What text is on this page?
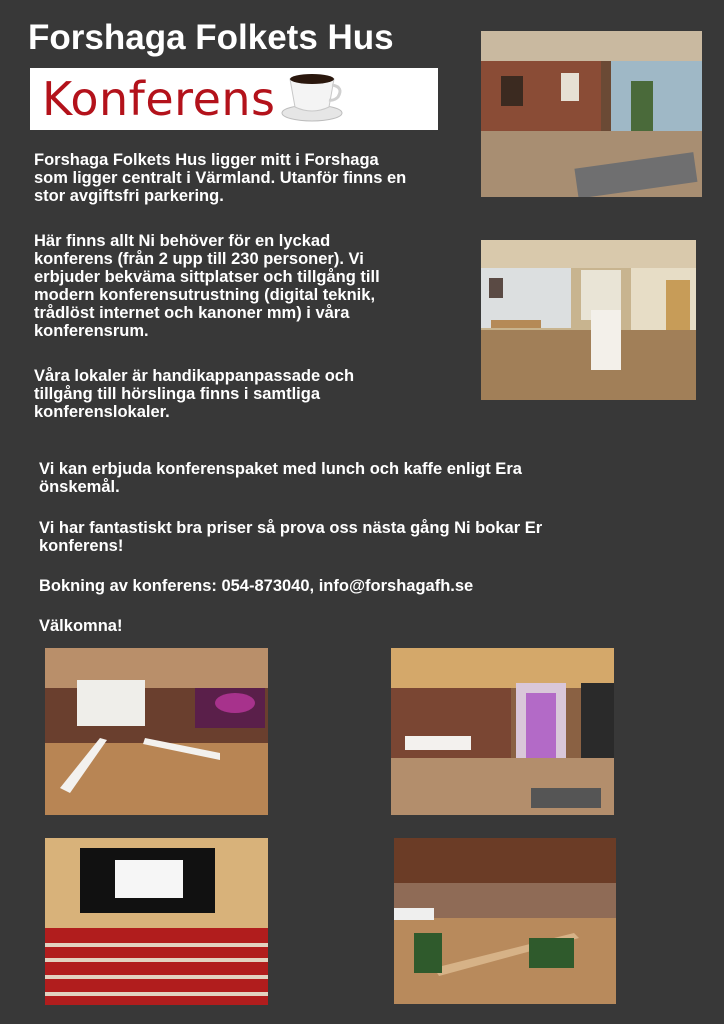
Forshaga Folkets Hus
Konferens

Forshaga Folkets Hus ligger mitt i Forshaga
som ligger centralt i Värmland. Utanför finns en
stor avgiftsfri parkering.

Här finns allt Ni behöver för en lyckad
konferens (från 2 upp till 230 personer). Vi
erbjuder bekväma sittplatser och tillgång till
modern konferensutrustning (digital teknik,
trådlöst internet och kanoner mm) i våra
konferensrum.

Våra lokaler är handikappanpassade och
tillgång till hörslinga finns i samtliga
konferenslokaler.

Vi kan erbjuda konferenspaket med lunch och kaffe enligt Era
önskemål.

Vi har fantastiskt bra priser så prova oss nästa gång Ni bokar Er
konferens!

Bokning av konferens: 054-873040, info@forshagafh.se

Välkomna!
